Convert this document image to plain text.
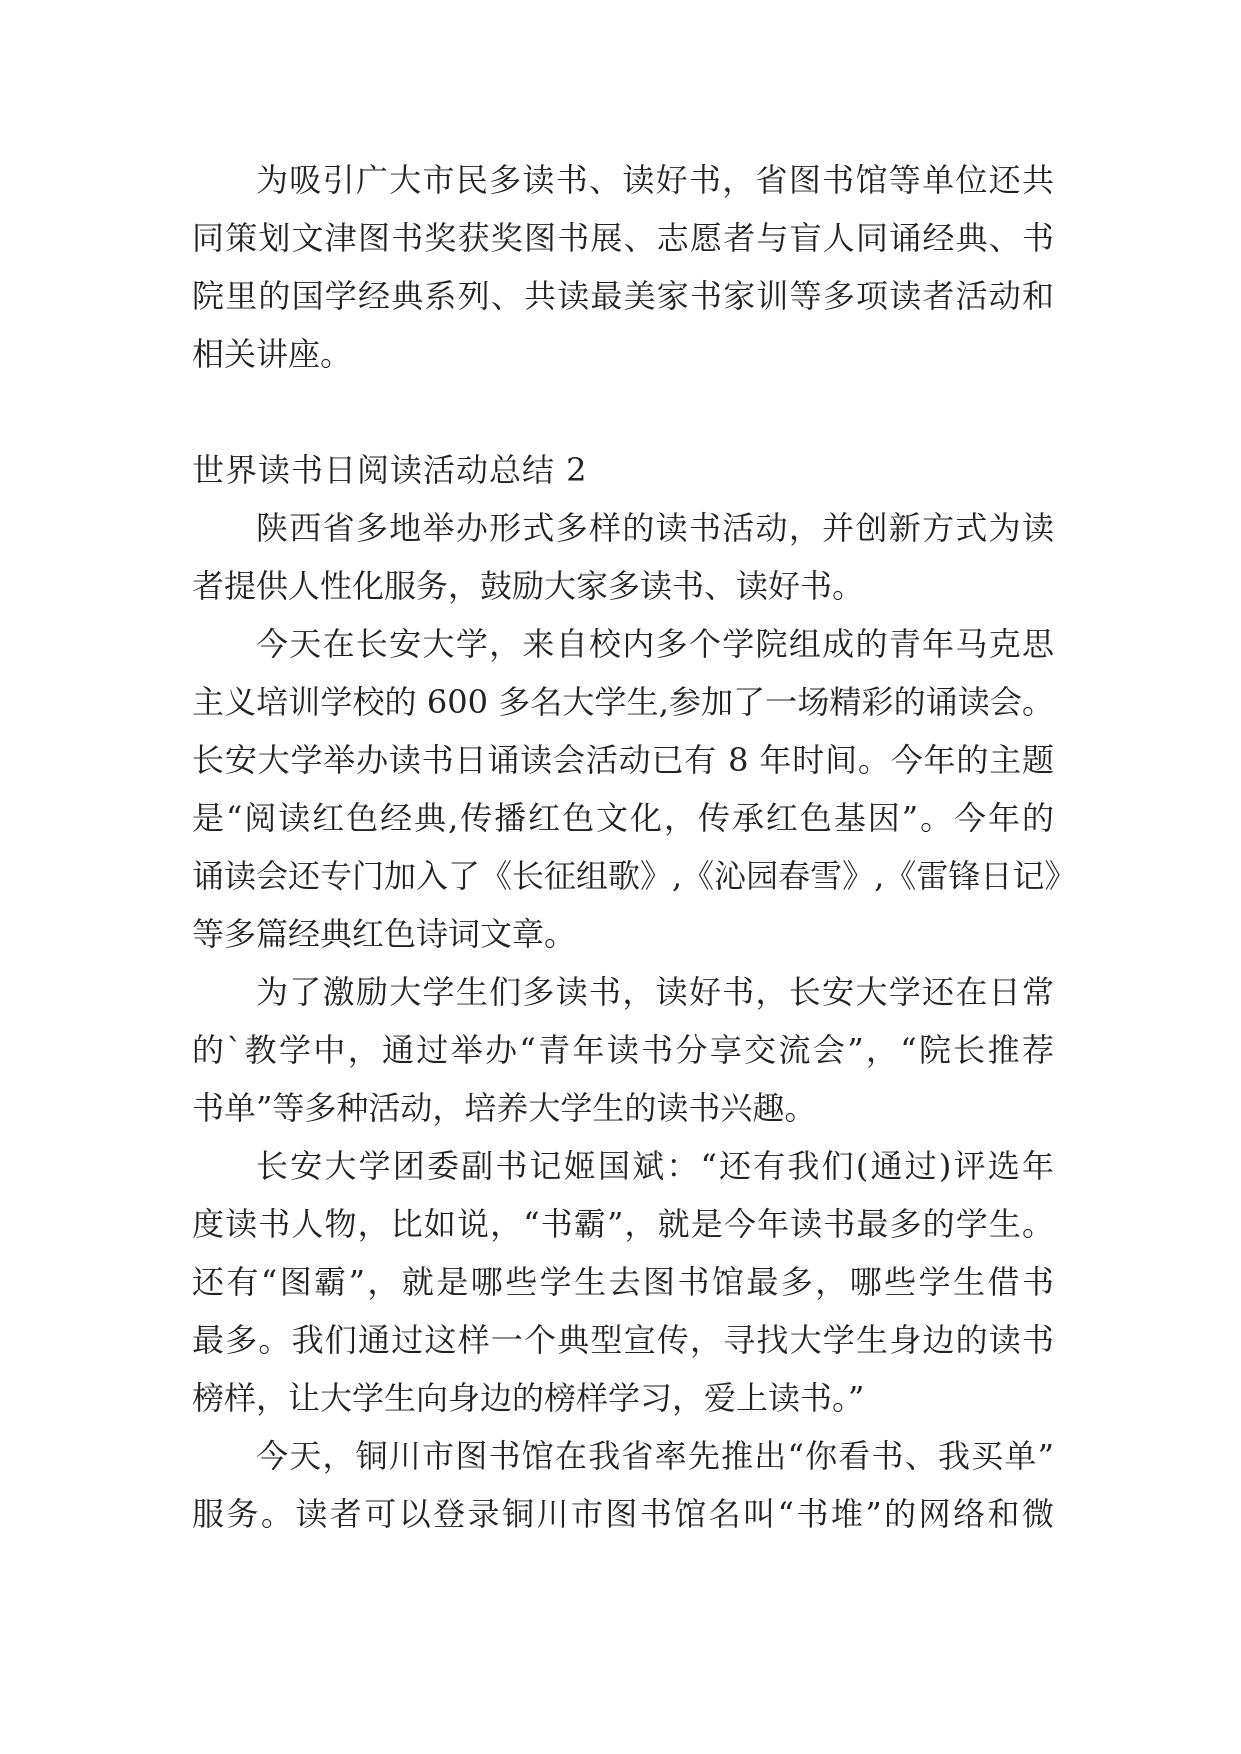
为吸引广大市民多读书、读好书，省图书馆等单位还共
同策划文津图书奖获奖图书展、志愿者与盲人同诵经典、书
院里的国学经典系列、共读最美家书家训等多项读者活动和
相关讲座。
世界读书日阅读活动总结 2
陕西省多地举办形式多样的读书活动，并创新方式为读
者提供人性化服务，鼓励大家多读书、读好书。
今天在长安大学，来自校内多个学院组成的青年马克思
主义培训学校的 600 多名大学生,参加了一场精彩的诵读会。
长安大学举办读书日诵读会活动已有 8 年时间。今年的主题
是“阅读红色经典,传播红色文化，传承红色基因”。今年的
诵读会还专门加入了《长征组歌》,《沁园春雪》,《雷锋日记》
等多篇经典红色诗词文章。
为了激励大学生们多读书，读好书，长安大学还在日常
的`教学中，通过举办“青年读书分享交流会”，“院长推荐
书单”等多种活动，培养大学生的读书兴趣。
长安大学团委副书记姬国斌：“还有我们(通过)评选年
度读书人物，比如说，“书霸”，就是今年读书最多的学生。
还有“图霸”，就是哪些学生去图书馆最多，哪些学生借书
最多。我们通过这样一个典型宣传，寻找大学生身边的读书
榜样，让大学生向身边的榜样学习，爱上读书。”
今天，铜川市图书馆在我省率先推出“你看书、我买单”
服务。读者可以登录铜川市图书馆名叫“书堆”的网络和微
